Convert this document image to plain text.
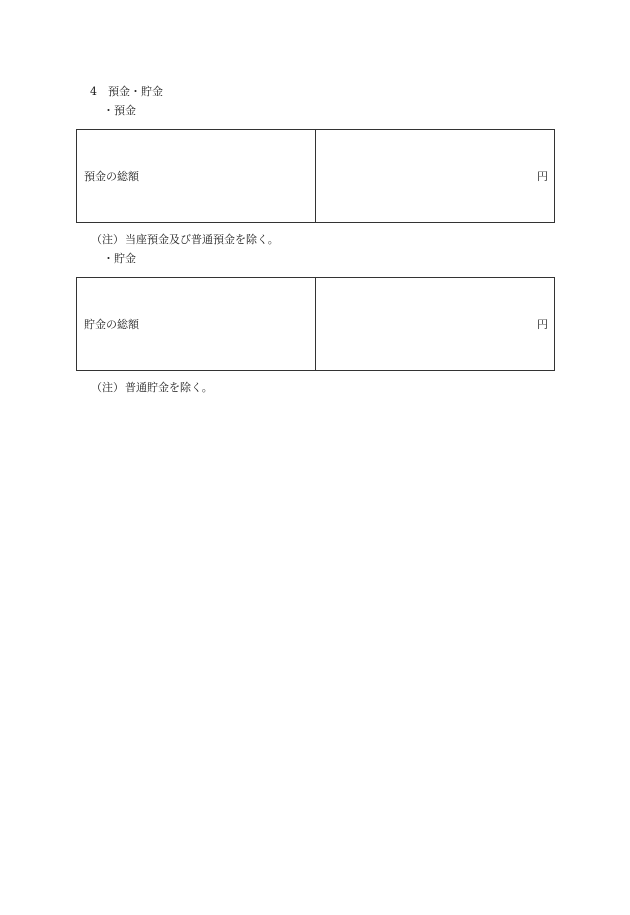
4 預金・貯金
・預金
預金の総額	円
（注）当座預金及び普通預金を除く。
・貯金
貯金の総額	円
（注）普通貯金を除く。
